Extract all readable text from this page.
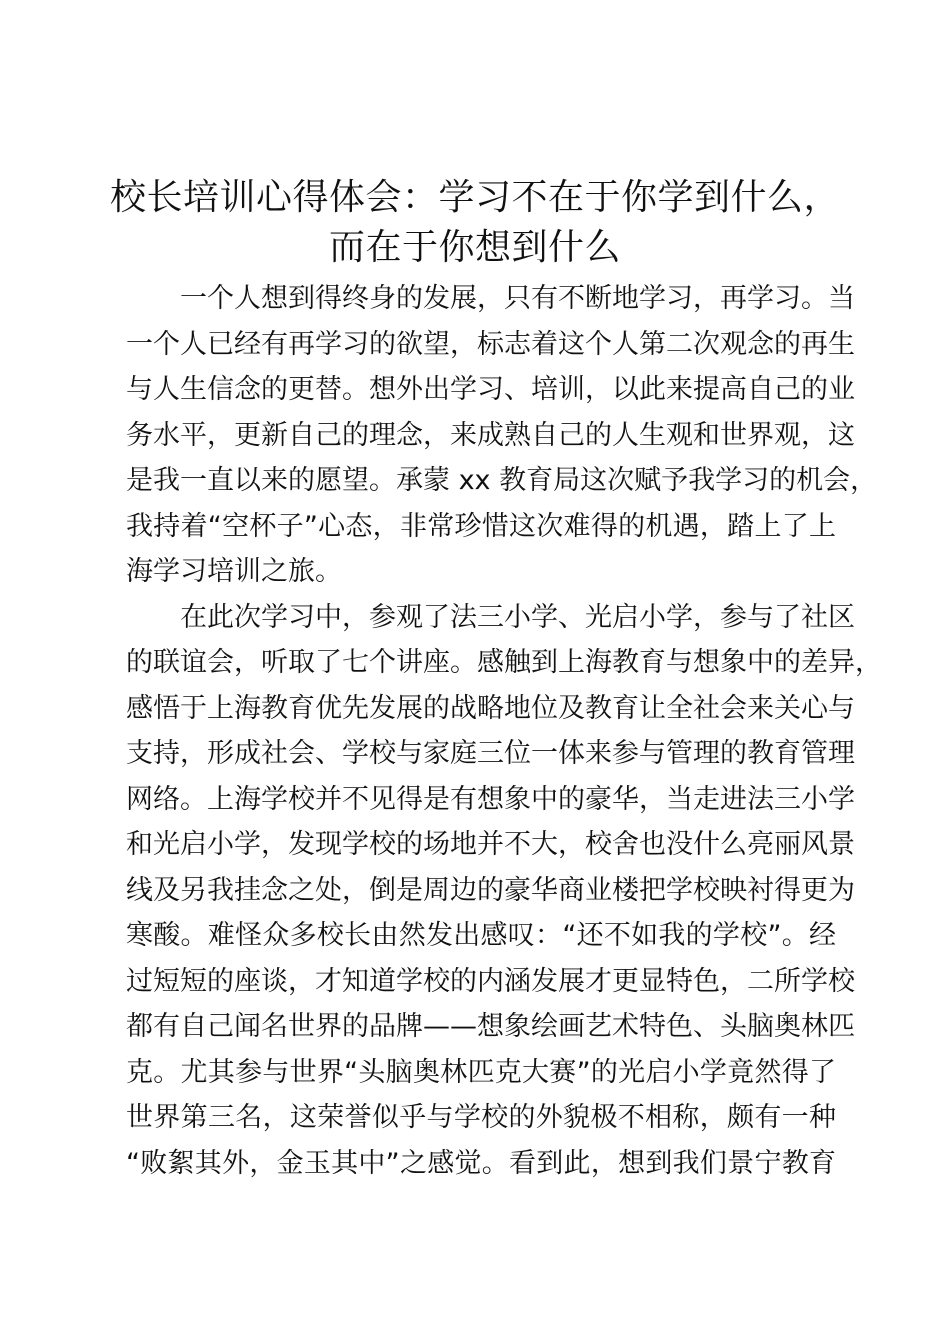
校长培训心得体会：学习不在于你学到什么，
而在于你想到什么
一个人想到得终身的发展，只有不断地学习，再学习。当
一个人已经有再学习的欲望，标志着这个人第二次观念的再生
与人生信念的更替。想外出学习、培训，以此来提高自己的业
务水平，更新自己的理念，来成熟自己的人生观和世界观，这
是我一直以来的愿望。承蒙 xx 教育局这次赋予我学习的机会，
我持着“空杯子”心态，非常珍惜这次难得的机遇，踏上了上
海学习培训之旅。
在此次学习中，参观了法三小学、光启小学，参与了社区
的联谊会，听取了七个讲座。感触到上海教育与想象中的差异，
感悟于上海教育优先发展的战略地位及教育让全社会来关心与
支持，形成社会、学校与家庭三位一体来参与管理的教育管理
网络。上海学校并不见得是有想象中的豪华，当走进法三小学
和光启小学，发现学校的场地并不大，校舍也没什么亮丽风景
线及另我挂念之处，倒是周边的豪华商业楼把学校映衬得更为
寒酸。难怪众多校长由然发出感叹：“还不如我的学校”。经
过短短的座谈，才知道学校的内涵发展才更显特色，二所学校
都有自己闻名世界的品牌——想象绘画艺术特色、头脑奥林匹
克。尤其参与世界“头脑奥林匹克大赛”的光启小学竟然得了
世界第三名，这荣誉似乎与学校的外貌极不相称，颇有一种
“败絮其外，金玉其中”之感觉。看到此，想到我们景宁教育
